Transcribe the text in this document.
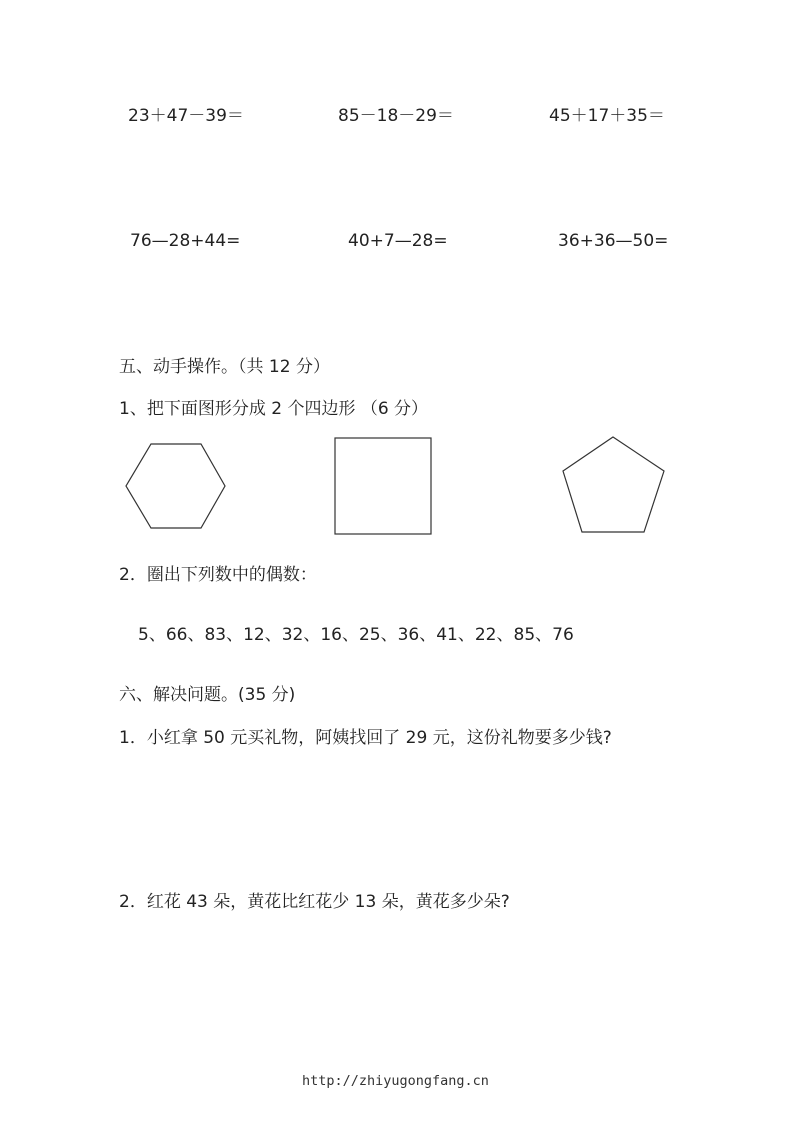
23＋47－39＝	85－18－29＝	45＋17＋35＝
76—28+44=	40+7—28=	36+36—50=
五、动手操作。（共 12 分）
1、把下面图形分成 2 个四边形 （6 分）
2．圈出下列数中的偶数：
5、66、83、12、32、16、25、36、41、22、85、76
六、解决问题。(35 分)
1．小红拿 50 元买礼物，阿姨找回了 29 元，这份礼物要多少钱?
2．红花 43 朵，黄花比红花少 13 朵，黄花多少朵?
http://zhiyugongfang.cn
